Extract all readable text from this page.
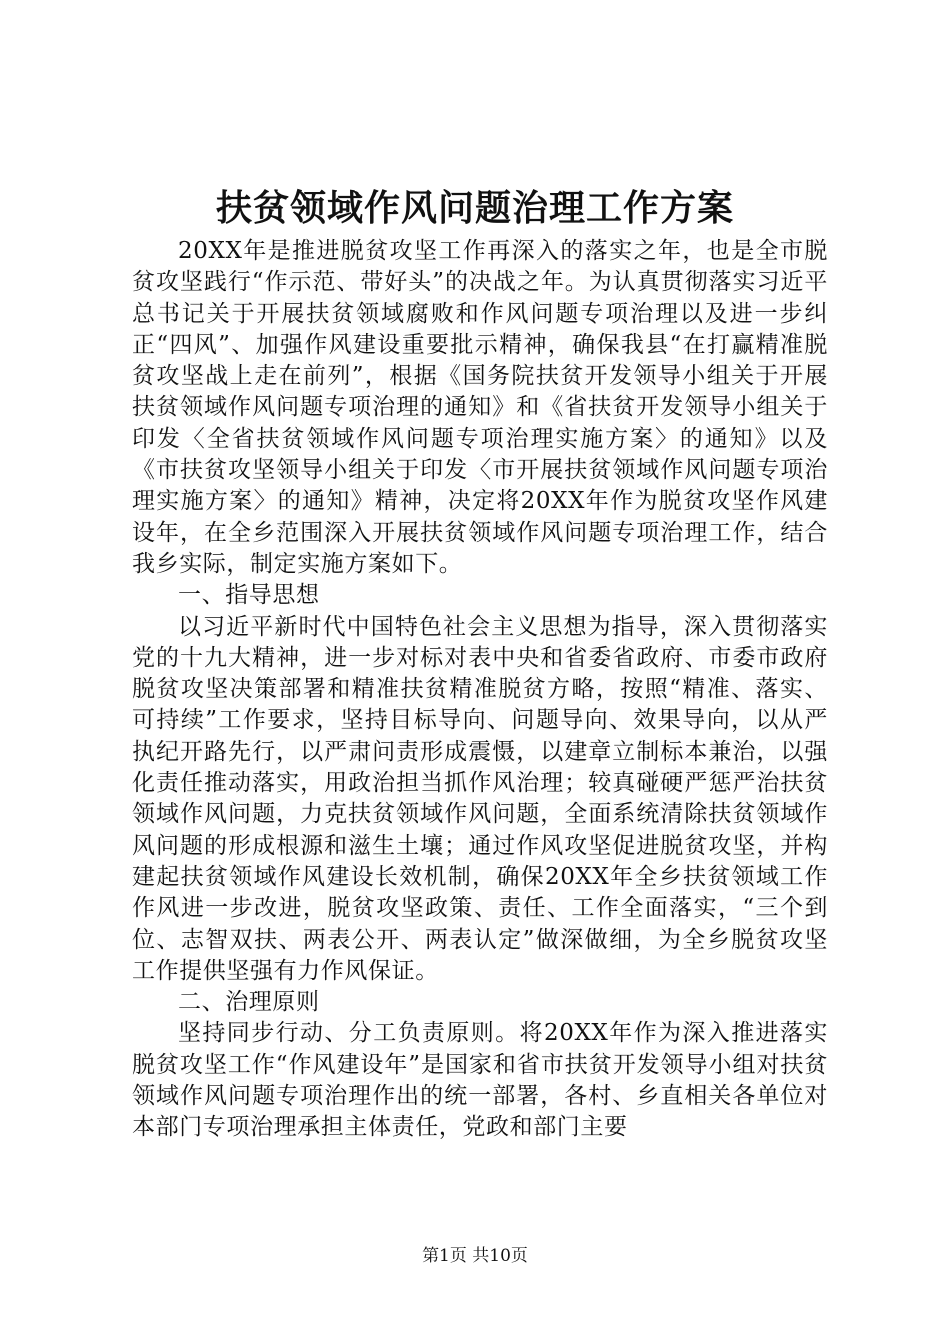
扶贫领域作风问题治理工作方案

20XX年是推进脱贫攻坚工作再深入的落实之年，也是全市脱贫攻坚践行“作示范、带好头”的决战之年。为认真贯彻落实习近平总书记关于开展扶贫领域腐败和作风问题专项治理以及进一步纠正“四风”、加强作风建设重要批示精神，确保我县“在打赢精准脱贫攻坚战上走在前列”，根据《国务院扶贫开发领导小组关于开展扶贫领域作风问题专项治理的通知》和《省扶贫开发领导小组关于印发〈全省扶贫领域作风问题专项治理实施方案〉的通知》以及《市扶贫攻坚领导小组关于印发〈市开展扶贫领域作风问题专项治理实施方案〉的通知》精神，决定将20XX年作为脱贫攻坚作风建设年，在全乡范围深入开展扶贫领域作风问题专项治理工作，结合我乡实际，制定实施方案如下。

一、指导思想

以习近平新时代中国特色社会主义思想为指导，深入贯彻落实党的十九大精神，进一步对标对表中央和省委省政府、市委市政府脱贫攻坚决策部署和精准扶贫精准脱贫方略，按照“精准、落实、可持续”工作要求，坚持目标导向、问题导向、效果导向，以从严执纪开路先行，以严肃问责形成震慑，以建章立制标本兼治，以强化责任推动落实，用政治担当抓作风治理；较真碰硬严惩严治扶贫领域作风问题，力克扶贫领域作风问题，全面系统清除扶贫领域作风问题的形成根源和滋生土壤；通过作风攻坚促进脱贫攻坚，并构建起扶贫领域作风建设长效机制，确保20XX年全乡扶贫领域工作作风进一步改进，脱贫攻坚政策、责任、工作全面落实，“三个到位、志智双扶、两表公开、两表认定”做深做细，为全乡脱贫攻坚工作提供坚强有力作风保证。

二、治理原则

坚持同步行动、分工负责原则。将20XX年作为深入推进落实脱贫攻坚工作“作风建设年”是国家和省市扶贫开发领导小组对扶贫领域作风问题专项治理作出的统一部署，各村、乡直相关各单位对本部门专项治理承担主体责任，党政和部门主要

第1页 共10页
